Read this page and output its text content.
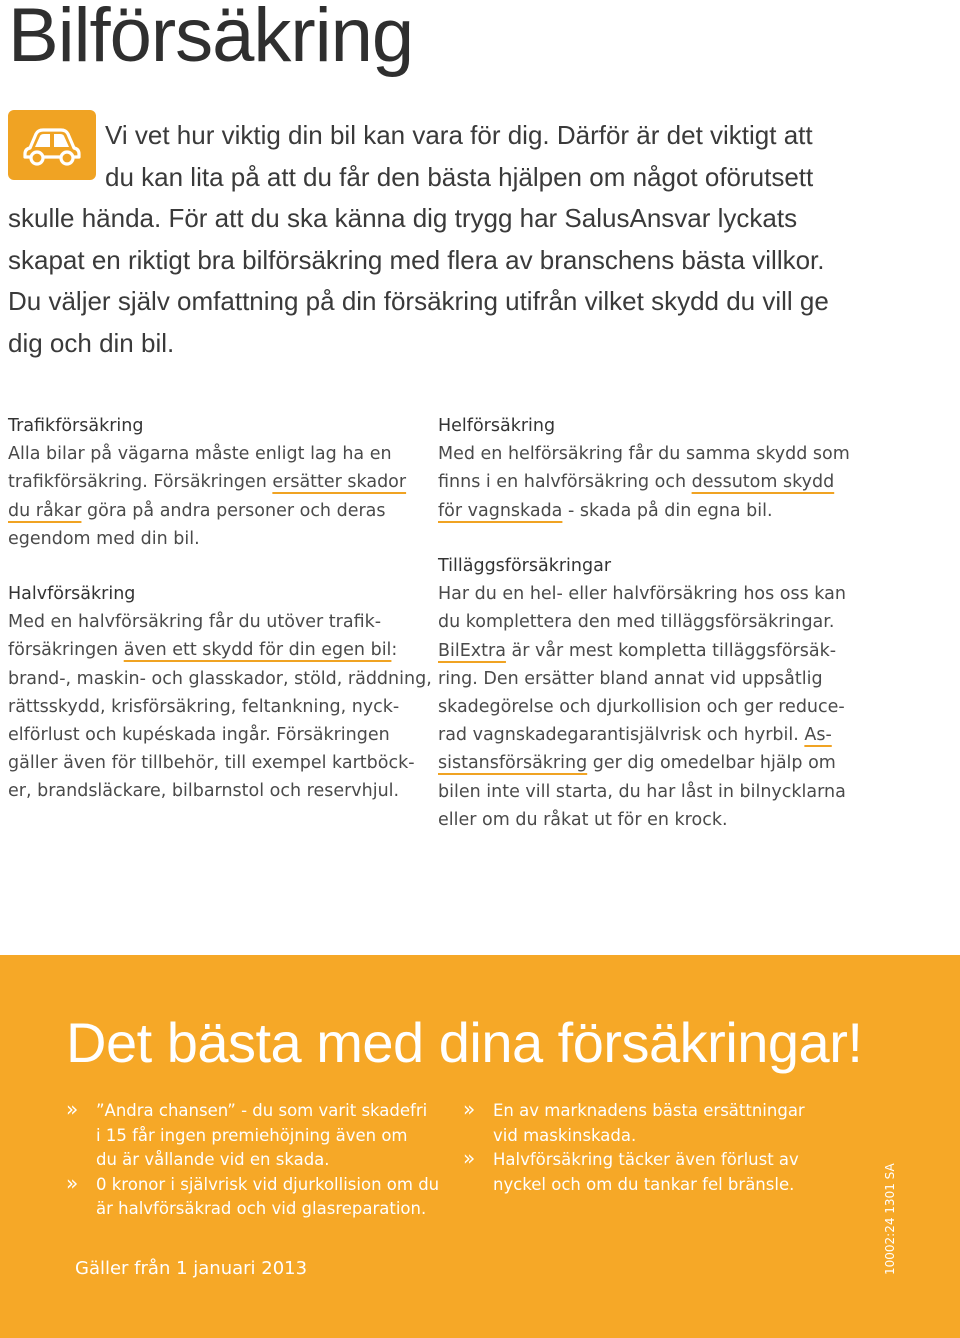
Bilförsäkring
Vi vet hur viktig din bil kan vara för dig. Därför är det viktigt att
du kan lita på att du får den bästa hjälpen om något oförutsett
skulle hända. För att du ska känna dig trygg har SalusAnsvar lyckats
skapat en riktigt bra bilförsäkring med flera av branschens bästa villkor.
Du väljer själv omfattning på din försäkring utifrån vilket skydd du vill ge
dig och din bil.
Trafikförsäkring
Alla bilar på vägarna måste enligt lag ha en
trafikförsäkring. Försäkringen ersätter skador
du råkar göra på andra personer och deras
egendom med din bil.
Halvförsäkring
Med en halvförsäkring får du utöver trafik-
försäkringen även ett skydd för din egen bil:
brand-, maskin- och glasskador, stöld, räddning,
rättsskydd, krisförsäkring, feltankning, nyck-
elförlust och kupéskada ingår. Försäkringen
gäller även för tillbehör, till exempel kartböck-
er, brandsläckare, bilbarnstol och reservhjul.
Helförsäkring
Med en helförsäkring får du samma skydd som
finns i en halvförsäkring och dessutom skydd
för vagnskada - skada på din egna bil.
Tilläggsförsäkringar
Har du en hel- eller halvförsäkring hos oss kan
du komplettera den med tilläggsförsäkringar.
BilExtra är vår mest kompletta tilläggsförsäk-
ring. Den ersätter bland annat vid uppsåtlig
skadegörelse och djurkollision och ger reduce-
rad vagnskadegarantisjälvrisk och hyrbil. As-
sistansförsäkring ger dig omedelbar hjälp om
bilen inte vill starta, du har låst in bilnycklarna
eller om du råkat ut för en krock.
Det bästa med dina försäkringar!
» ”Andra chansen” - du som varit skadefri
i 15 får ingen premiehöjning även om
du är vållande vid en skada.
» 0 kronor i självrisk vid djurkollision om du
är halvförsäkrad och vid glasreparation.
» En av marknadens bästa ersättningar
vid maskinskada.
» Halvförsäkring täcker även förlust av
nyckel och om du tankar fel bränsle.
Gäller från 1 januari 2013	10002:24 1301 SA
